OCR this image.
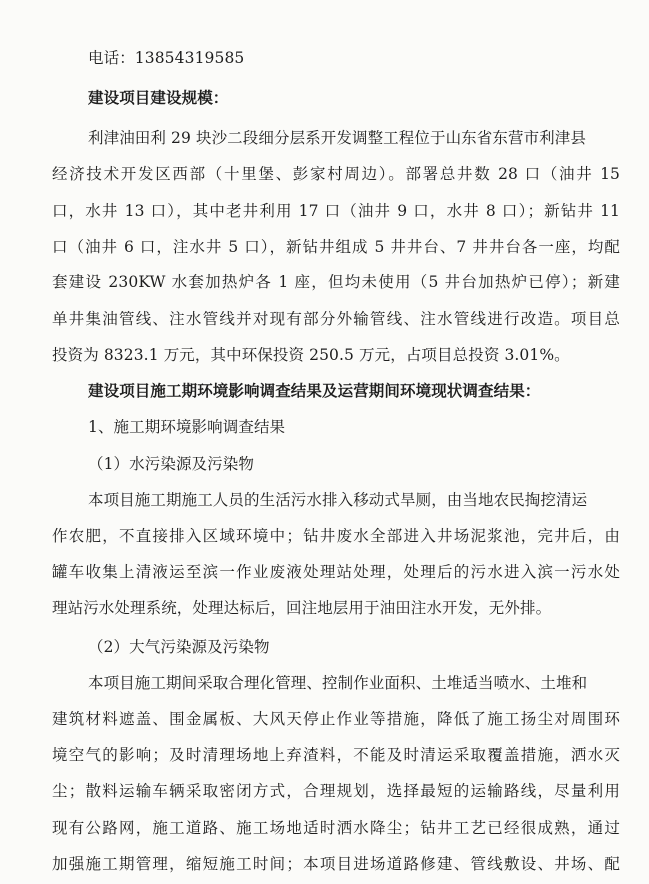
电话：13854319585
建设项目建设规模：
利津油田利 29 块沙二段细分层系开发调整工程位于山东省东营市利津县
经济技术开发区西部（十里堡、彭家村周边）。部署总井数 28 口（油井 15
口，水井 13 口），其中老井利用 17 口（油井 9 口，水井 8 口）；新钻井 11
口（油井 6 口，注水井 5 口），新钻井组成 5 井井台、7 井井台各一座，均配
套建设 230KW 水套加热炉各 1 座，但均未使用（5 井台加热炉已停）；新建
单井集油管线、注水管线并对现有部分外输管线、注水管线进行改造。项目总
投资为 8323.1 万元，其中环保投资 250.5 万元，占项目总投资 3.01%。
建设项目施工期环境影响调查结果及运营期间环境现状调查结果：
1、施工期环境影响调查结果
（1）水污染源及污染物
本项目施工期施工人员的生活污水排入移动式旱厕，由当地农民掏挖清运
作农肥，不直接排入区域环境中；钻井废水全部进入井场泥浆池，完井后，由
罐车收集上清液运至滨一作业废液处理站处理，处理后的污水进入滨一污水处
理站污水处理系统，处理达标后，回注地层用于油田注水开发，无外排。
（2）大气污染源及污染物
本项目施工期间采取合理化管理、控制作业面积、土堆适当喷水、土堆和
建筑材料遮盖、围金属板、大风天停止作业等措施，降低了施工扬尘对周围环
境空气的影响；及时清理场地上弃渣料，不能及时清运采取覆盖措施，洒水灭
尘；散料运输车辆采取密闭方式，合理规划，选择最短的运输路线，尽量利用
现有公路网，施工道路、施工场地适时洒水降尘；钻井工艺已经很成熟，通过
加强施工期管理，缩短施工时间；本项目进场道路修建、管线敷设、井场、配
